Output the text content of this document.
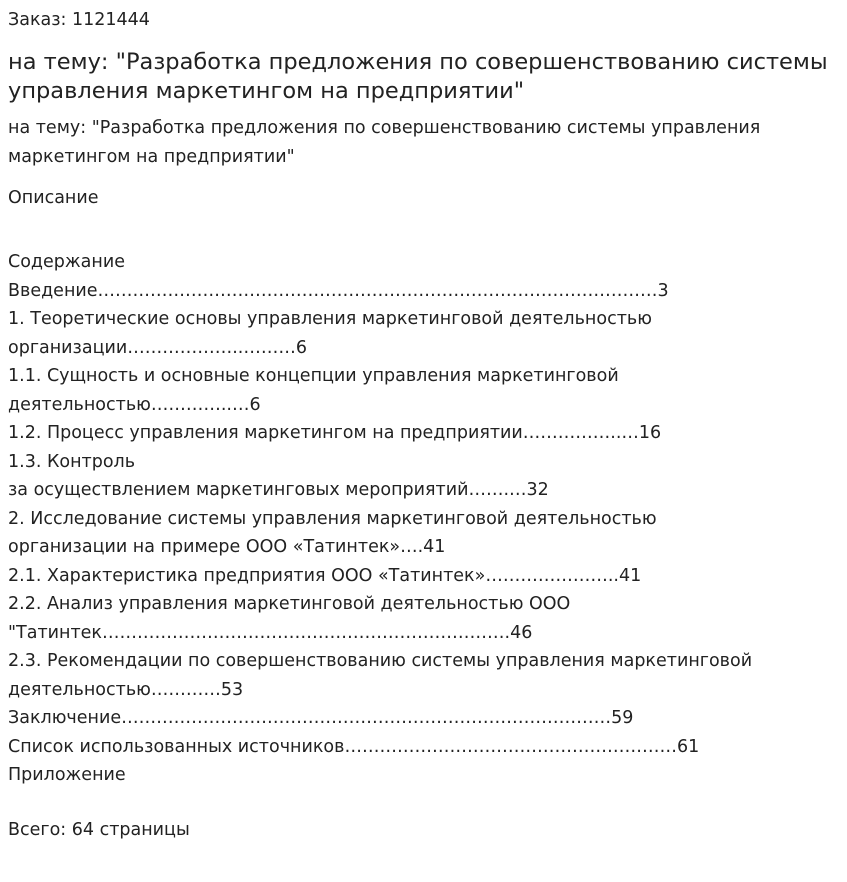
Заказ: 1121444
на тему: "Разработка предложения по совершенствованию системы управления маркетингом на предприятии"
на тему: "Разработка предложения по совершенствованию системы управления маркетингом на предприятии"
Описание
Содержание
Введение……………………………………………………………………………………3
1. Теоретические основы управления маркетинговой деятельностью
организации………………..………6
1.1. Сущность и основные концепции управления маркетинговой
деятельностью…………..…6
1.2. Процесс управления маркетингом на предприятии……………..…16
1.3. Контроль
за осуществлением маркетинговых мероприятий…….…32
2. Исследование системы управления маркетинговой деятельностью
организации на примере ООО «Татинтек»….41
2.1. Характеристика предприятия ООО «Татинтек»…………………..41
2.2. Анализ управления маркетинговой деятельностью ООО
"Татинтек…………………………………………………………….46
2.3. Рекомендации по совершенствованию системы управления маркетинговой
деятельностью…………53
Заключение…………………………………………………………………………59
Список использованных источников…………………………………………………61
Приложение
Всего: 64 страницы
